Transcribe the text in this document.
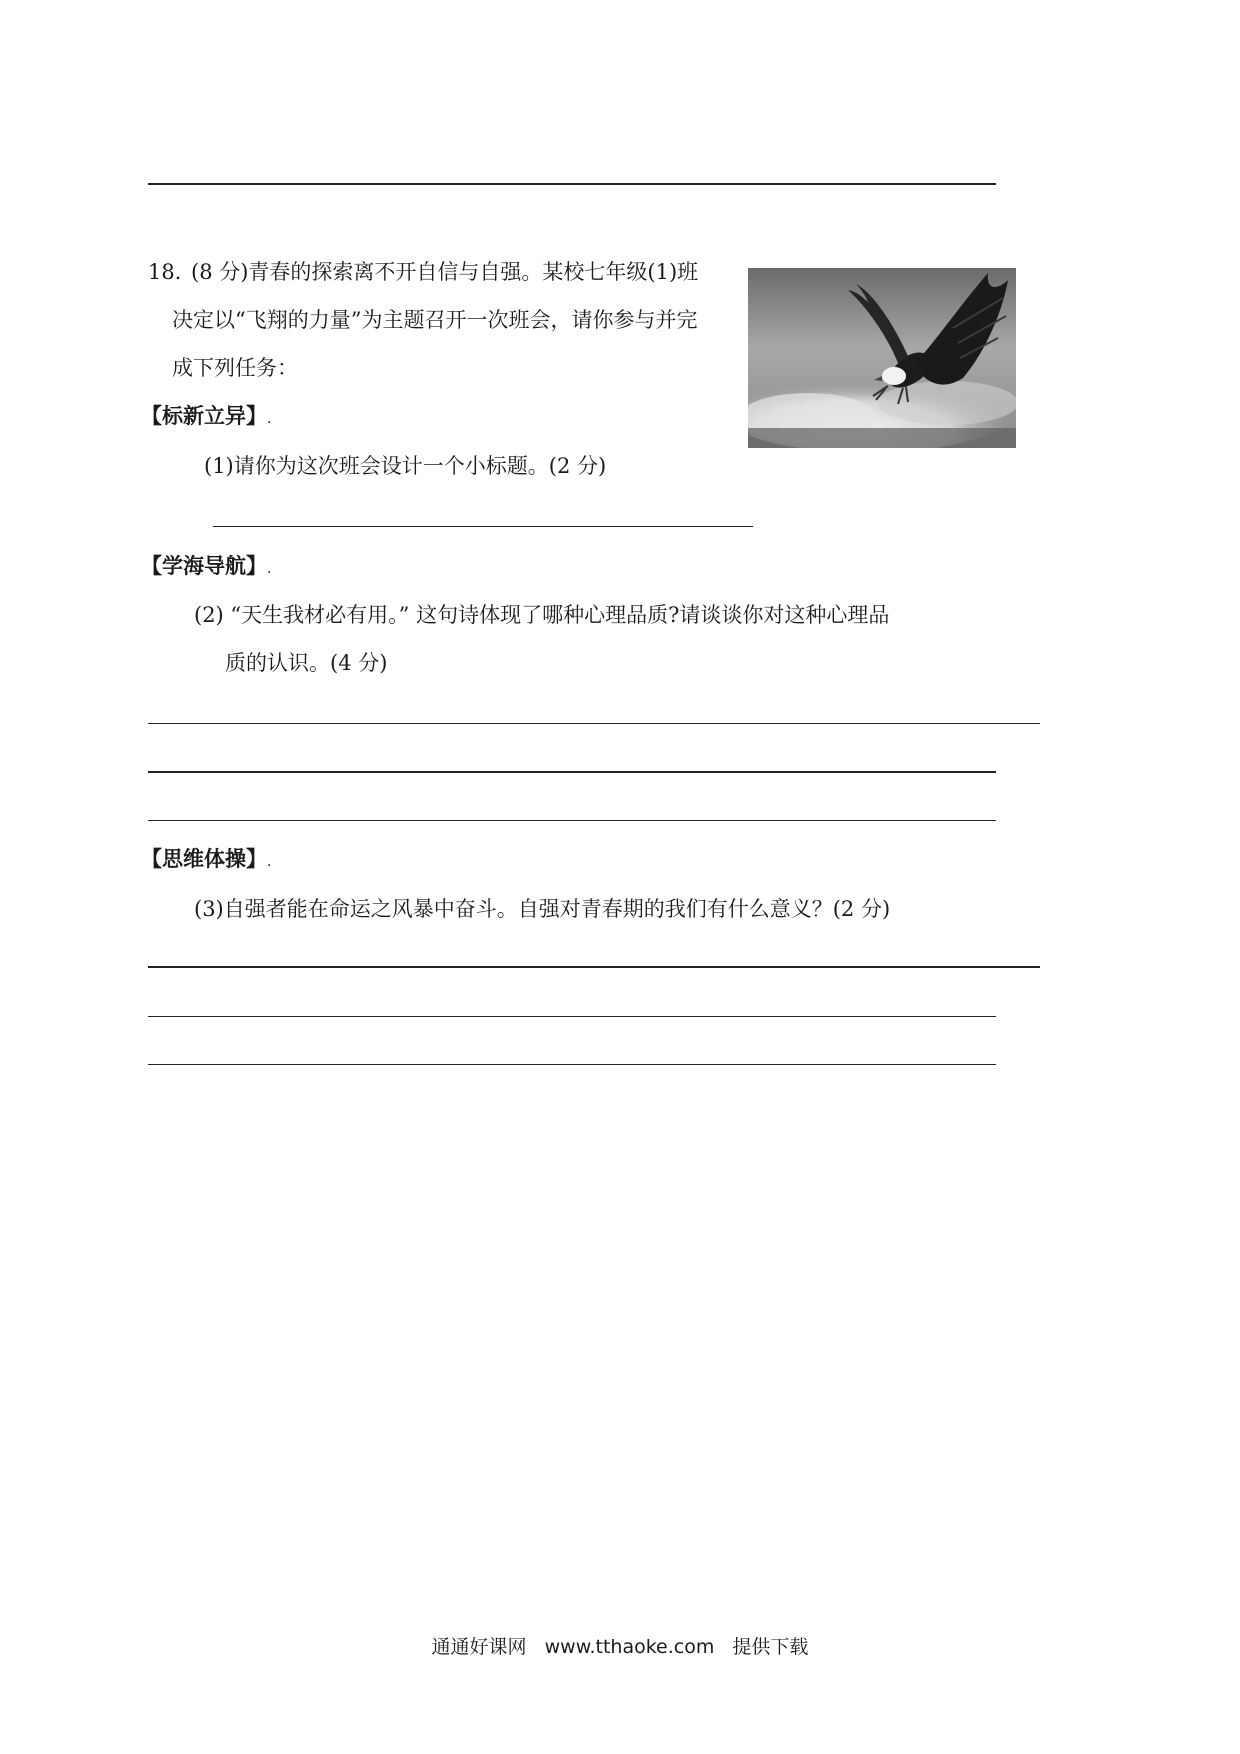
18．
(8 分)青春的探索离不开自信与自强。某校七年级(1)班
决定以“飞翔的力量”为主题召开一次班会，请你参与并完
成下列任务：
【标新立异】.
(1)请你为这次班会设计一个小标题。(2 分)
【学海导航】.
(2) “天生我材必有用。” 这句诗体现了哪种心理品质?请谈谈你对这种心理品
质的认识。(4 分)
【思维体操】.
(3)自强者能在命运之风暴中奋斗。自强对青春期的我们有什么意义？(2 分)
通通好课网 www.tthaoke.com 提供下载
